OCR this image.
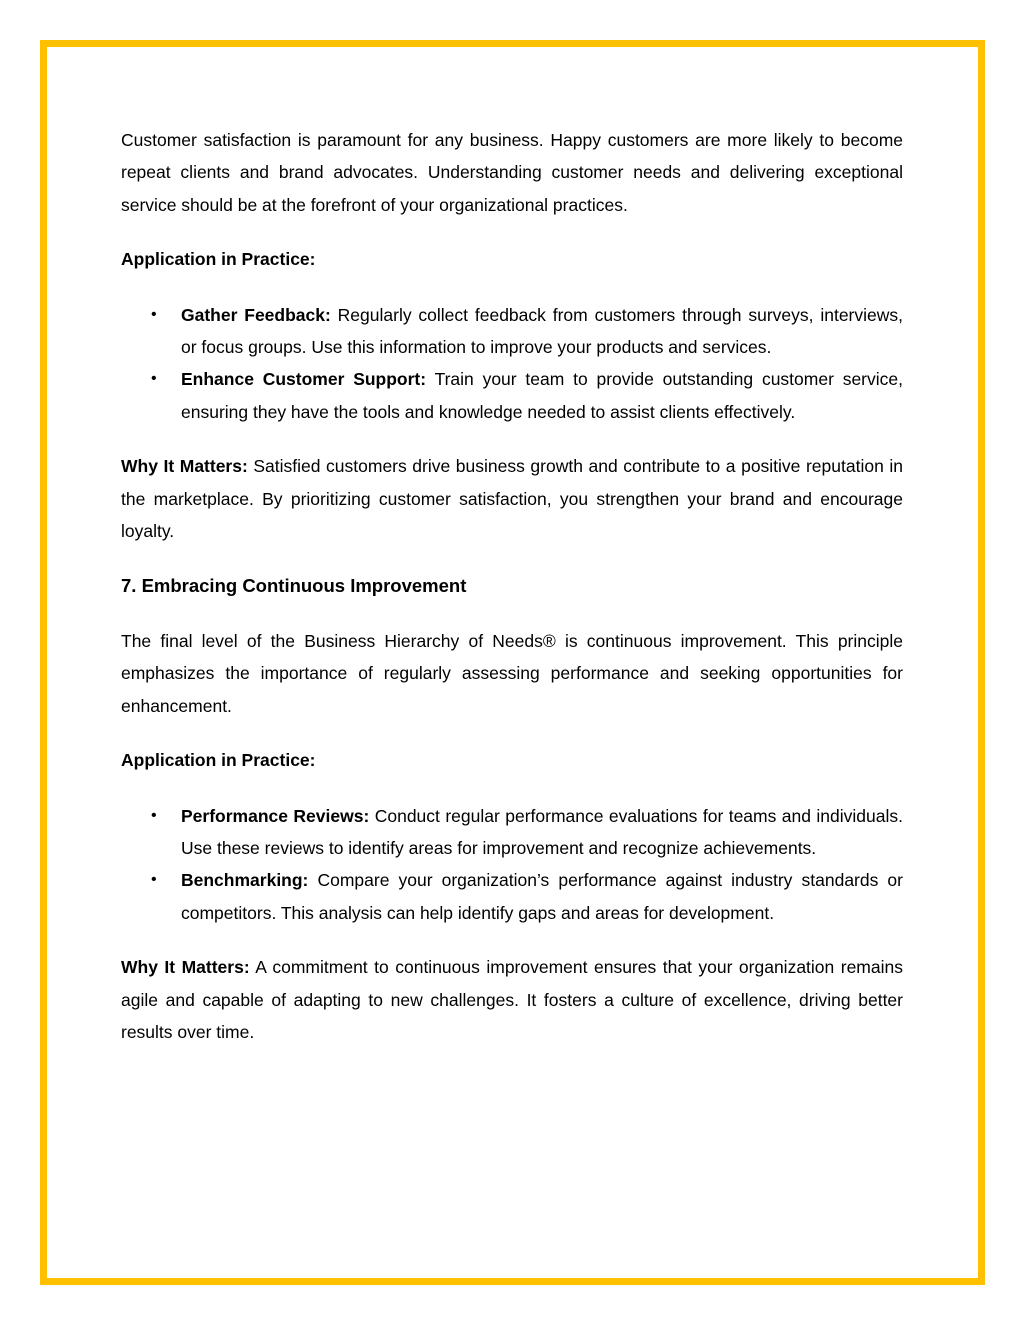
Customer satisfaction is paramount for any business. Happy customers are more likely to become repeat clients and brand advocates. Understanding customer needs and delivering exceptional service should be at the forefront of your organizational practices.

Application in Practice:

• Gather Feedback: Regularly collect feedback from customers through surveys, interviews, or focus groups. Use this information to improve your products and services.
• Enhance Customer Support: Train your team to provide outstanding customer service, ensuring they have the tools and knowledge needed to assist clients effectively.

Why It Matters: Satisfied customers drive business growth and contribute to a positive reputation in the marketplace. By prioritizing customer satisfaction, you strengthen your brand and encourage loyalty.

7. Embracing Continuous Improvement

The final level of the Business Hierarchy of Needs® is continuous improvement. This principle emphasizes the importance of regularly assessing performance and seeking opportunities for enhancement.

Application in Practice:

• Performance Reviews: Conduct regular performance evaluations for teams and individuals. Use these reviews to identify areas for improvement and recognize achievements.
• Benchmarking: Compare your organization’s performance against industry standards or competitors. This analysis can help identify gaps and areas for development.

Why It Matters: A commitment to continuous improvement ensures that your organization remains agile and capable of adapting to new challenges. It fosters a culture of excellence, driving better results over time.
